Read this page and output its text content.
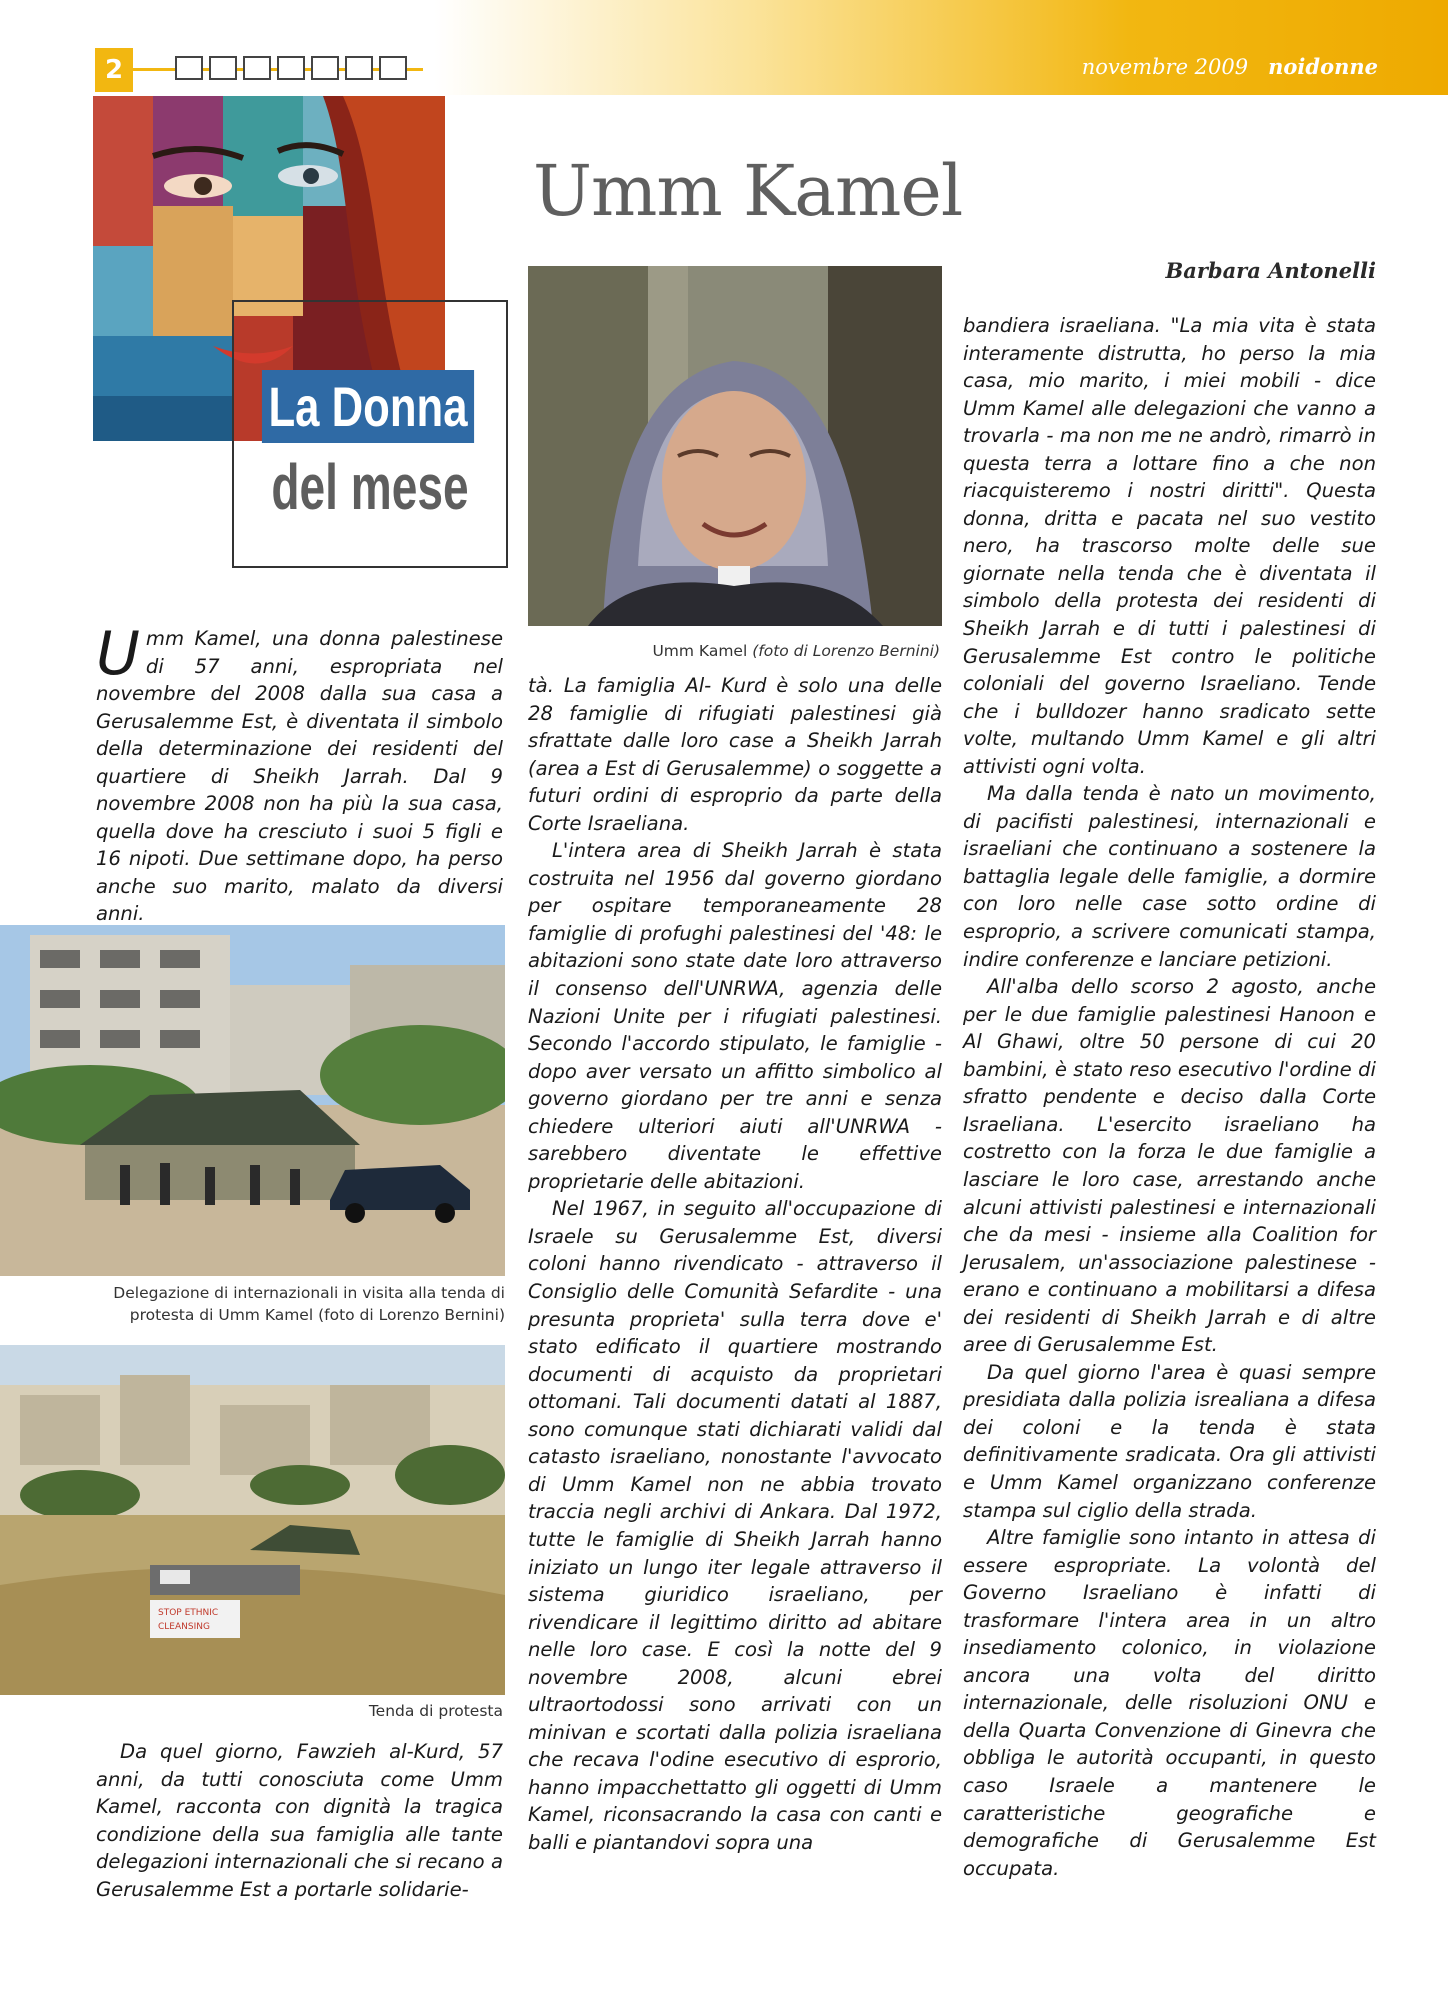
2	novembre 2009 noidonne
La Donna
del mese
Umm Kamel
Barbara Antonelli
Umm Kamel (foto di Lorenzo Bernini)
Delegazione di internazionali in visita alla tenda di
protesta di Umm Kamel (foto di Lorenzo Bernini)
STOP ETHNIC
CLEANSING
Tenda di protesta

Umm Kamel, una donna palestinese di 57 anni, espropriata nel novembre del 2008 dalla sua casa a Gerusalemme Est, è diventata il simbolo della determinazione dei residenti del quartiere di Sheikh Jarrah. Dal 9 novembre 2008 non ha più la sua casa, quella dove ha cresciuto i suoi 5 figli e 16 nipoti. Due settimane dopo, ha perso anche suo marito, malato da diversi anni.

Da quel giorno, Fawzieh al-Kurd, 57 anni, da tutti conosciuta come Umm Kamel, racconta con dignità la tragica condizione della sua famiglia alle tante delegazioni internazionali che si recano a Gerusalemme Est a portarle solidarie-

tà. La famiglia Al- Kurd è solo una delle 28 famiglie di rifugiati palestinesi già sfrattate dalle loro case a Sheikh Jarrah (area a Est di Gerusalemme) o soggette a futuri ordini di esproprio da parte della Corte Israeliana.

L'intera area di Sheikh Jarrah è stata costruita nel 1956 dal governo giordano per ospitare temporaneamente 28 famiglie di profughi palestinesi del '48: le abitazioni sono state date loro attraverso il consenso dell'UNRWA, agenzia delle Nazioni Unite per i rifugiati palestinesi. Secondo l'accordo stipulato, le famiglie - dopo aver versato un affitto simbolico al governo giordano per tre anni e senza chiedere ulteriori aiuti all'UNRWA - sarebbero diventate le effettive proprietarie delle abitazioni.

Nel 1967, in seguito all'occupazione di Israele su Gerusalemme Est, diversi coloni hanno rivendicato - attraverso il Consiglio delle Comunità Sefardite - una presunta proprieta' sulla terra dove e' stato edificato il quartiere mostrando documenti di acquisto da proprietari ottomani. Tali documenti datati al 1887, sono comunque stati dichiarati validi dal catasto israeliano, nonostante l'avvocato di Umm Kamel non ne abbia trovato traccia negli archivi di Ankara. Dal 1972, tutte le famiglie di Sheikh Jarrah hanno iniziato un lungo iter legale attraverso il sistema giuridico israeliano, per rivendicare il legittimo diritto ad abitare nelle loro case. E così la notte del 9 novembre 2008, alcuni ebrei ultraortodossi sono arrivati con un minivan e scortati dalla polizia israeliana che recava l'odine esecutivo di esprorio, hanno impacchettatto gli oggetti di Umm Kamel, riconsacrando la casa con canti e balli e piantandovi sopra una

bandiera israeliana. "La mia vita è stata interamente distrutta, ho perso la mia casa, mio marito, i miei mobili - dice Umm Kamel alle delegazioni che vanno a trovarla - ma non me ne andrò, rimarrò in questa terra a lottare fino a che non riacquisteremo i nostri diritti". Questa donna, dritta e pacata nel suo vestito nero, ha trascorso molte delle sue giornate nella tenda che è diventata il simbolo della protesta dei residenti di Sheikh Jarrah e di tutti i palestinesi di Gerusalemme Est contro le politiche coloniali del governo Israeliano. Tende che i bulldozer hanno sradicato sette volte, multando Umm Kamel e gli altri attivisti ogni volta.

Ma dalla tenda è nato un movimento, di pacifisti palestinesi, internazionali e israeliani che continuano a sostenere la battaglia legale delle famiglie, a dormire con loro nelle case sotto ordine di esproprio, a scrivere comunicati stampa, indire conferenze e lanciare petizioni.

All'alba dello scorso 2 agosto, anche per le due famiglie palestinesi Hanoon e Al Ghawi, oltre 50 persone di cui 20 bambini, è stato reso esecutivo l'ordine di sfratto pendente e deciso dalla Corte Israeliana. L'esercito israeliano ha costretto con la forza le due famiglie a lasciare le loro case, arrestando anche alcuni attivisti palestinesi e internazionali che da mesi - insieme alla Coalition for Jerusalem, un'associazione palestinese - erano e continuano a mobilitarsi a difesa dei residenti di Sheikh Jarrah e di altre aree di Gerusalemme Est.

Da quel giorno l'area è quasi sempre presidiata dalla polizia isrealiana a difesa dei coloni e la tenda è stata definitivamente sradicata. Ora gli attivisti e Umm Kamel organizzano conferenze stampa sul ciglio della strada.

Altre famiglie sono intanto in attesa di essere espropriate. La volontà del Governo Israeliano è infatti di trasformare l'intera area in un altro insediamento colonico, in violazione ancora una volta del diritto internazionale, delle risoluzioni ONU e della Quarta Convenzione di Ginevra che obbliga le autorità occupanti, in questo caso Israele a mantenere le caratteristiche geografiche e demografiche di Gerusalemme Est occupata.
